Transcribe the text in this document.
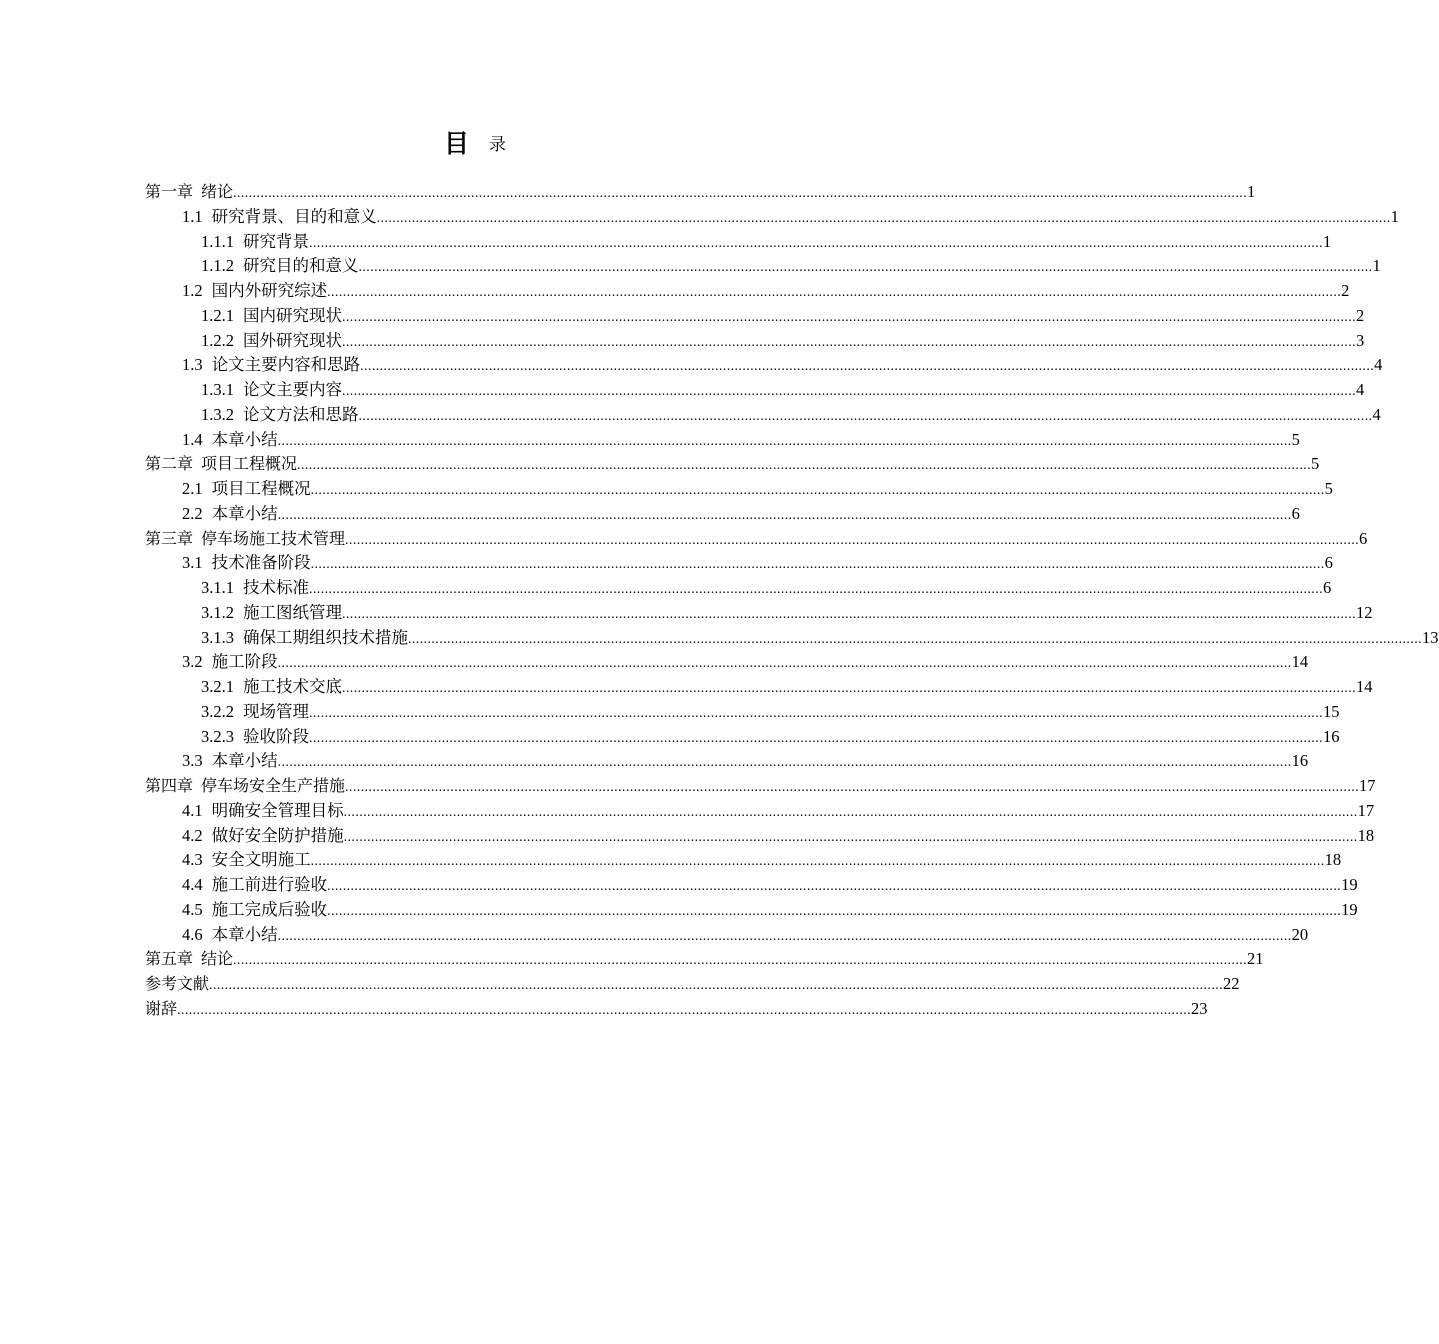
目 录
第一章 绪论 .................................................................................................................................................................................................................................................................... 1
1.1 研究背景、目的和意义 .................................................................................................................................................................................................................................................................... 1
1.1.1 研究背景 .................................................................................................................................................................................................................................................................... 1
1.1.2 研究目的和意义 .................................................................................................................................................................................................................................................................... 1
1.2 国内外研究综述 .................................................................................................................................................................................................................................................................... 2
1.2.1 国内研究现状 .................................................................................................................................................................................................................................................................... 2
1.2.2 国外研究现状 .................................................................................................................................................................................................................................................................... 3
1.3 论文主要内容和思路 .................................................................................................................................................................................................................................................................... 4
1.3.1 论文主要内容 .................................................................................................................................................................................................................................................................... 4
1.3.2 论文方法和思路 .................................................................................................................................................................................................................................................................... 4
1.4 本章小结 .................................................................................................................................................................................................................................................................... 5
第二章 项目工程概况 .................................................................................................................................................................................................................................................................... 5
2.1 项目工程概况 .................................................................................................................................................................................................................................................................... 5
2.2 本章小结 .................................................................................................................................................................................................................................................................... 6
第三章 停车场施工技术管理 .................................................................................................................................................................................................................................................................... 6
3.1 技术准备阶段 .................................................................................................................................................................................................................................................................... 6
3.1.1 技术标准 .................................................................................................................................................................................................................................................................... 6
3.1.2 施工图纸管理 .................................................................................................................................................................................................................................................................... 12
3.1.3 确保工期组织技术措施 .................................................................................................................................................................................................................................................................... 13
3.2 施工阶段 .................................................................................................................................................................................................................................................................... 14
3.2.1 施工技术交底 .................................................................................................................................................................................................................................................................... 14
3.2.2 现场管理 .................................................................................................................................................................................................................................................................... 15
3.2.3 验收阶段 .................................................................................................................................................................................................................................................................... 16
3.3 本章小结 .................................................................................................................................................................................................................................................................... 16
第四章 停车场安全生产措施 .................................................................................................................................................................................................................................................................... 17
4.1 明确安全管理目标 .................................................................................................................................................................................................................................................................... 17
4.2 做好安全防护措施 .................................................................................................................................................................................................................................................................... 18
4.3 安全文明施工 .................................................................................................................................................................................................................................................................... 18
4.4 施工前进行验收 .................................................................................................................................................................................................................................................................... 19
4.5 施工完成后验收 .................................................................................................................................................................................................................................................................... 19
4.6 本章小结 .................................................................................................................................................................................................................................................................... 20
第五章 结论 .................................................................................................................................................................................................................................................................... 21
参考文献 .................................................................................................................................................................................................................................................................... 22
谢辞 .................................................................................................................................................................................................................................................................... 23
